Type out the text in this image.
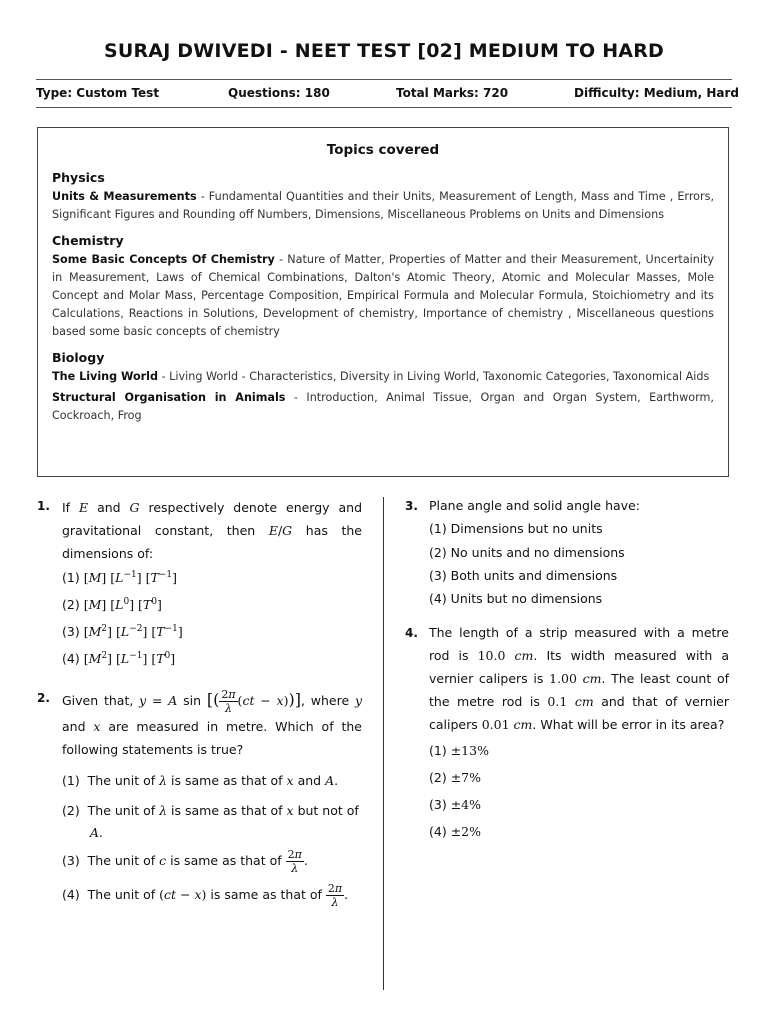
SURAJ DWIVEDI - NEET TEST [02] MEDIUM TO HARD
Type: Custom Test	Questions: 180	Total Marks: 720	Difficulty: Medium, Hard
Topics covered
Physics
Units & Measurements - Fundamental Quantities and their Units, Measurement of Length, Mass and Time , Errors, Significant Figures and Rounding off Numbers, Dimensions, Miscellaneous Problems on Units and Dimensions
Chemistry
Some Basic Concepts Of Chemistry - Nature of Matter, Properties of Matter and their Measurement, Uncertainity in Measurement, Laws of Chemical Combinations, Dalton's Atomic Theory, Atomic and Molecular Masses, Mole Concept and Molar Mass, Percentage Composition, Empirical Formula and Molecular Formula, Stoichiometry and its Calculations, Reactions in Solutions, Development of chemistry, Importance of chemistry , Miscellaneous questions based some basic concepts of chemistry
Biology
The Living World - Living World - Characteristics, Diversity in Living World, Taxonomic Categories, Taxonomical Aids
Structural Organisation in Animals - Introduction, Animal Tissue, Organ and Organ System, Earthworm, Cockroach, Frog
1. If E and G respectively denote energy and gravitational constant, then E/G has the dimensions of:
(1) [M] $[L^{-1}]$ $[T^{-1}]$
(2) [M] $[L^0]$ $[T^0]$
(3) $[M^2]$ $[L^{-2}]$ $[T^{-1}]$
(4) $[M^2]$ $[L^{-1}]$ $[T^0]$
2. Given that, y = A sin [( $\frac{2\pi}{\lambda} (ct - x)$)], where y and x are measured in metre. Which of the following statements is true?
(1)  The unit of λ is same as that of x and A.
(2)  The unit of λ is same as that of x but not of
A.
(3)  The unit of c is same as that of $\frac{2\pi}{\lambda}$ .
(4)  The unit of (ct − x) is same as that of $\frac{2\pi}{\lambda}$ .
3. Plane angle and solid angle have:
(1) Dimensions but no units
(2) No units and no dimensions
(3) Both units and dimensions
(4) Units but no dimensions
4. The length of a strip measured with a metre rod is 10.0 cm. Its width measured with a vernier calipers is 1.00 cm. The least count of the metre rod is 0.1 cm and that of vernier calipers 0.01 cm. What will be error in its area?
(1) ±13%
(2) ±7%
(3) ±4%
(4) ±2%
